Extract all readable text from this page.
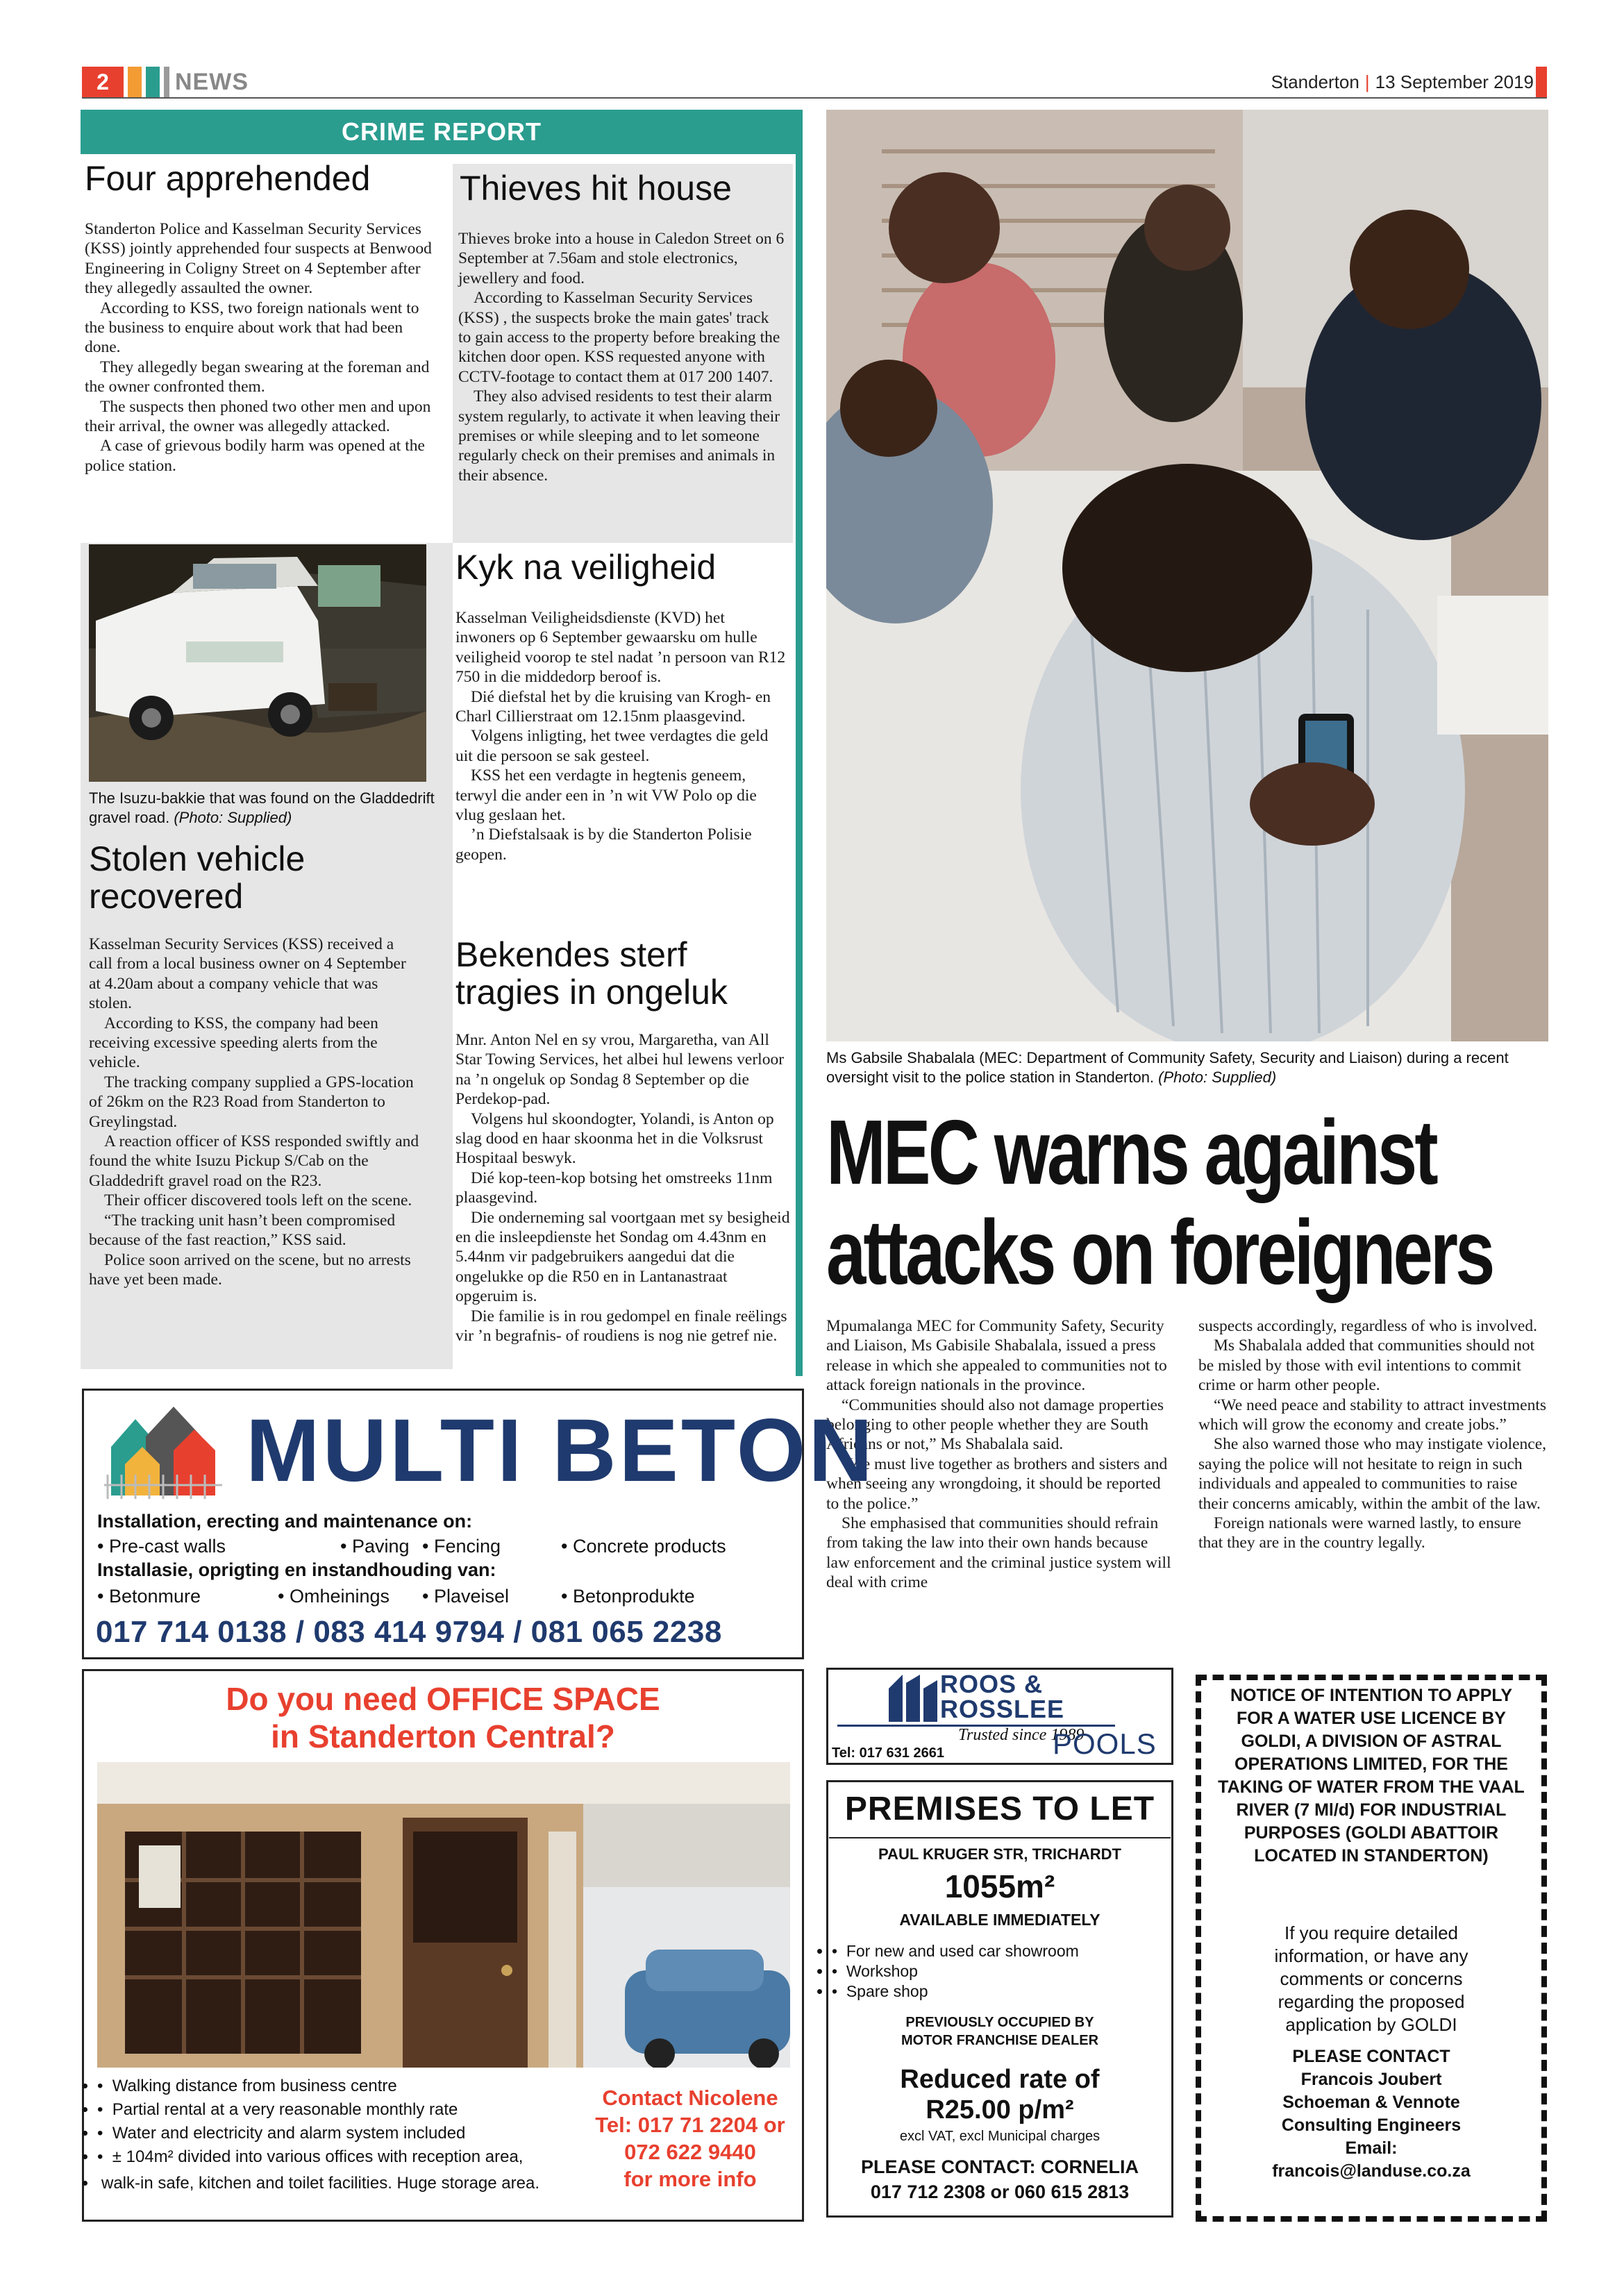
2	NEWS	Standerton | 13 September 2019
CRIME REPORT
Four apprehended

Standerton Police and Kasselman Security Services (KSS) jointly apprehended four suspects at Benwood Engineering in Coligny Street on 4 September after they allegedly assaulted the owner.

According to KSS, two foreign nationals went to the business to enquire about work that had been done.

They allegedly began swearing at the foreman and the owner confronted them.

The suspects then phoned two other men and upon their arrival, the owner was allegedly attacked.

A case of grievous bodily harm was opened at the police station.

Thieves hit house

Thieves broke into a house in Caledon Street on 6 September at 7.56am and stole electronics, jewellery and food.

According to Kasselman Security Services (KSS) , the suspects broke the main gates' track to gain access to the property before breaking the kitchen door open. KSS requested anyone with CCTV-footage to contact them at 017 200 1407.

They also advised residents to test their alarm system regularly, to activate it when leaving their premises or while sleeping and to let someone regularly check on their premises and animals in their absence.

The Isuzu-bakkie that was found on the Gladdedrift gravel road. (Photo: Supplied)
Stolen vehicle recovered

Kasselman Security Services (KSS) received a call from a local business owner on 4 September at 4.20am about a company vehicle that was stolen.

According to KSS, the company had been receiving excessive speeding alerts from the vehicle.

The tracking company supplied a GPS-location of 26km on the R23 Road from Standerton to Greylingstad.

A reaction officer of KSS responded swiftly and found the white Isuzu Pickup S/Cab on the Gladdedrift gravel road on the R23.

Their officer discovered tools left on the scene.

“The tracking unit hasn’t been compromised because of the fast reaction,” KSS said.

Police soon arrived on the scene, but no arrests have yet been made.

Kyk na veiligheid

Kasselman Veiligheidsdienste (KVD) het inwoners op 6 September gewaarsku om hulle veiligheid voorop te stel nadat ’n persoon van R12 750 in die middedorp beroof is.

Dié diefstal het by die kruising van Krogh- en Charl Cillierstraat om 12.15nm plaasgevind.

Volgens inligting, het twee verdagtes die geld uit die persoon se sak gesteel.

KSS het een verdagte in hegtenis geneem, terwyl die ander een in ’n wit VW Polo op die vlug geslaan het.

’n Diefstalsaak is by die Standerton Polisie geopen.

Bekendes sterf tragies in ongeluk

Mnr. Anton Nel en sy vrou, Margaretha, van All Star Towing Services, het albei hul lewens verloor na ’n ongeluk op Sondag 8 September op die Perdekop-pad.

Volgens hul skoondogter, Yolandi, is Anton op slag dood en haar skoonma het in die Volksrust Hospitaal beswyk.

Dié kop-teen-kop botsing het omstreeks 11nm plaasgevind.

Die onderneming sal voortgaan met sy besigheid en die insleepdienste het Sondag om 4.43nm en 5.44nm vir padgebruikers aangedui dat die ongelukke op die R50 en in Lantanastraat opgeruim is.

Die familie is in rou gedompel en finale reëlings vir ’n begrafnis- of roudiens is nog nie getref nie.

Ms Gabsile Shabalala (MEC: Department of Community Safety, Security and Liaison) during a recent oversight visit to the police station in Standerton. (Photo: Supplied)
MEC warns against
attacks on foreigners

Mpumalanga MEC for Community Safety, Security and Liaison, Ms Gabisile Shabalala, issued a press release in which she appealed to communities not to attack foreign nationals in the province.

“Communities should also not damage properties belonging to other people whether they are South Africans or not,” Ms Shabalala said.

“We must live together as brothers and sisters and when seeing any wrongdoing, it should be reported to the police.”

She emphasised that communities should refrain from taking the law into their own hands because law enforcement and the criminal justice system will deal with crime

suspects accordingly, regardless of who is involved.

Ms Shabalala added that communities should not be misled by those with evil intentions to commit crime or harm other people.

“We need peace and stability to attract investments which will grow the economy and create jobs.”

She also warned those who may instigate violence, saying the police will not hesitate to reign in such individuals and appealed to communities to raise their concerns amicably, within the ambit of the law.

Foreign nationals were warned lastly, to ensure that they are in the country legally.

MULTI BETON
Installation, erecting and maintenance on:
• Pre-cast walls	• Paving • Fencing	• Concrete products
Installasie, oprigting en instandhouding van:
• Betonmure	• Omheinings • Plaveisel	• Betonprodukte
017 714 0138 / 083 414 9794 / 081 065 2238
Do you need OFFICE SPACE
in Standerton Central?
• •  Walking distance from business centre
• •  Partial rental at a very reasonable monthly rate
• •  Water and electricity and alarm system included
• •  ± 104m² divided into various offices with reception area,
• walk-in safe, kitchen and toilet facilities. Huge storage area.
Contact Nicolene
Tel: 017 71 2204 or
072 622 9440
for more info
ROOS &
ROSSLEE
Trusted since 1989
Tel: 017 631 2661	POOLS
PREMISES TO LET
PAUL KRUGER STR, TRICHARDT
1055m²
AVAILABLE IMMEDIATELY
• •  For new and used car showroom
• •  Workshop
• •  Spare shop
PREVIOUSLY OCCUPIED BY MOTOR FRANCHISE DEALER
Reduced rate of
R25.00 p/m²
excl VAT, excl Municipal charges
PLEASE CONTACT: CORNELIA
017 712 2308 or 060 615 2813
NOTICE OF INTENTION TO APPLY FOR A WATER USE LICENCE BY GOLDI, A DIVISION OF ASTRAL OPERATIONS LIMITED, FOR THE TAKING OF WATER FROM THE VAAL RIVER (7 Ml/d) FOR INDUSTRIAL PURPOSES (GOLDI ABATTOIR LOCATED IN STANDERTON)
If you require detailed information, or have any comments or concerns regarding the proposed application by GOLDI
PLEASE CONTACT
Francois Joubert
Schoeman & Vennote Consulting Engineers
Email:
francois@landuse.co.za
